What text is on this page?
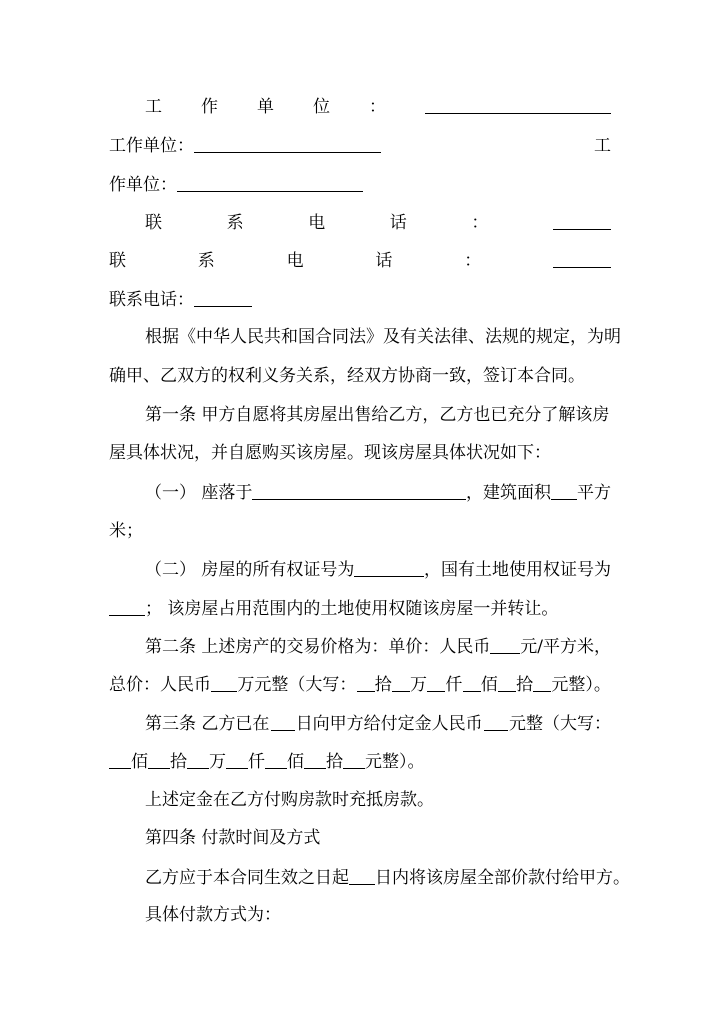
工 作 单 位 ：
工作单位：	工
作单位：
联	系	电	话	：
联	系	电	话	：
联系电话：
根据《中华人民共和国合同法》及有关法律、法规的规定，为明
确甲、乙双方的权利义务关系，经双方协商一致，签订本合同。
第一条 甲方自愿将其房屋出售给乙方，乙方也已充分了解该房
屋具体状况，并自愿购买该房屋。现该房屋具体状况如下：
（一） 座落于	，建筑面积 平方
米；
（二） 房屋的所有权证号为	，国有土地使用权证号为
； 该房屋占用范围内的土地使用权随该房屋一并转让。
第二条 上述房产的交易价格为：单价：人民币 元/平方米，
总价：人民币 万元整（大写： 拾 万 仟 佰 拾 元整）。
第三条 乙方已在 日向甲方给付定金人民币 元整（大写：
佰 拾 万 仟 佰 拾 元整）。
上述定金在乙方付购房款时充抵房款。
第四条 付款时间及方式
乙方应于本合同生效之日起 日内将该房屋全部价款付给甲方。
具体付款方式为：
